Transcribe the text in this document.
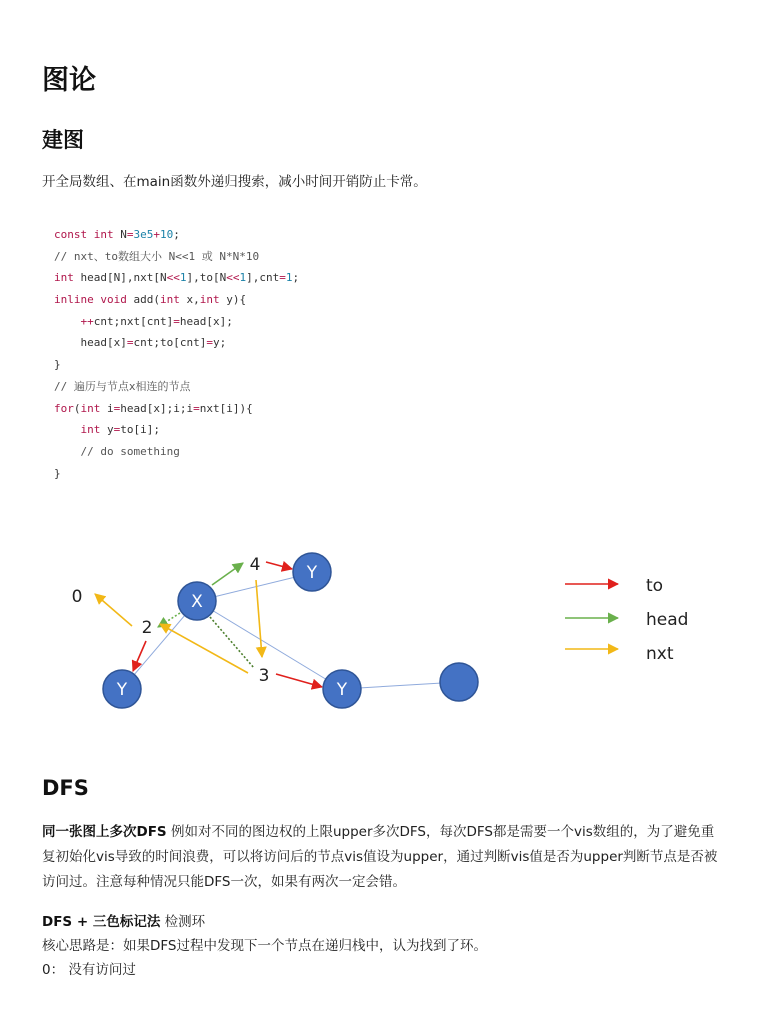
图论
建图

开全局数组、在main函数外递归搜索，减小时间开销防止卡常。

const int N=3e5+10;
// nxt、to数组大小 N<<1 或 N*N*10
int head[N],nxt[N<<1],to[N<<1],cnt=1;
inline void add(int x,int y){
++cnt;nxt[cnt]=head[x];
head[x]=cnt;to[cnt]=y;
}
// 遍历与节点x相连的节点
for(int i=head[x];i;i=nxt[i]){
int y=to[i];
// do something
}
X
Y
Y	Y
0
2
3
4
to
head
nxt
DFS

同一张图上多次DFS 例如对不同的图边权的上限upper多次DFS，每次DFS都是需要一个vis数组的，为了避免重复初始化vis导致的时间浪费，可以将访问后的节点vis值设为upper，通过判断vis值是否为upper判断节点是否被访问过。注意每种情况只能DFS一次，如果有两次一定会错。

DFS + 三色标记法 检测环

核心思路是：如果DFS过程中发现下一个节点在递归栈中，认为找到了环。

0： 没有访问过
